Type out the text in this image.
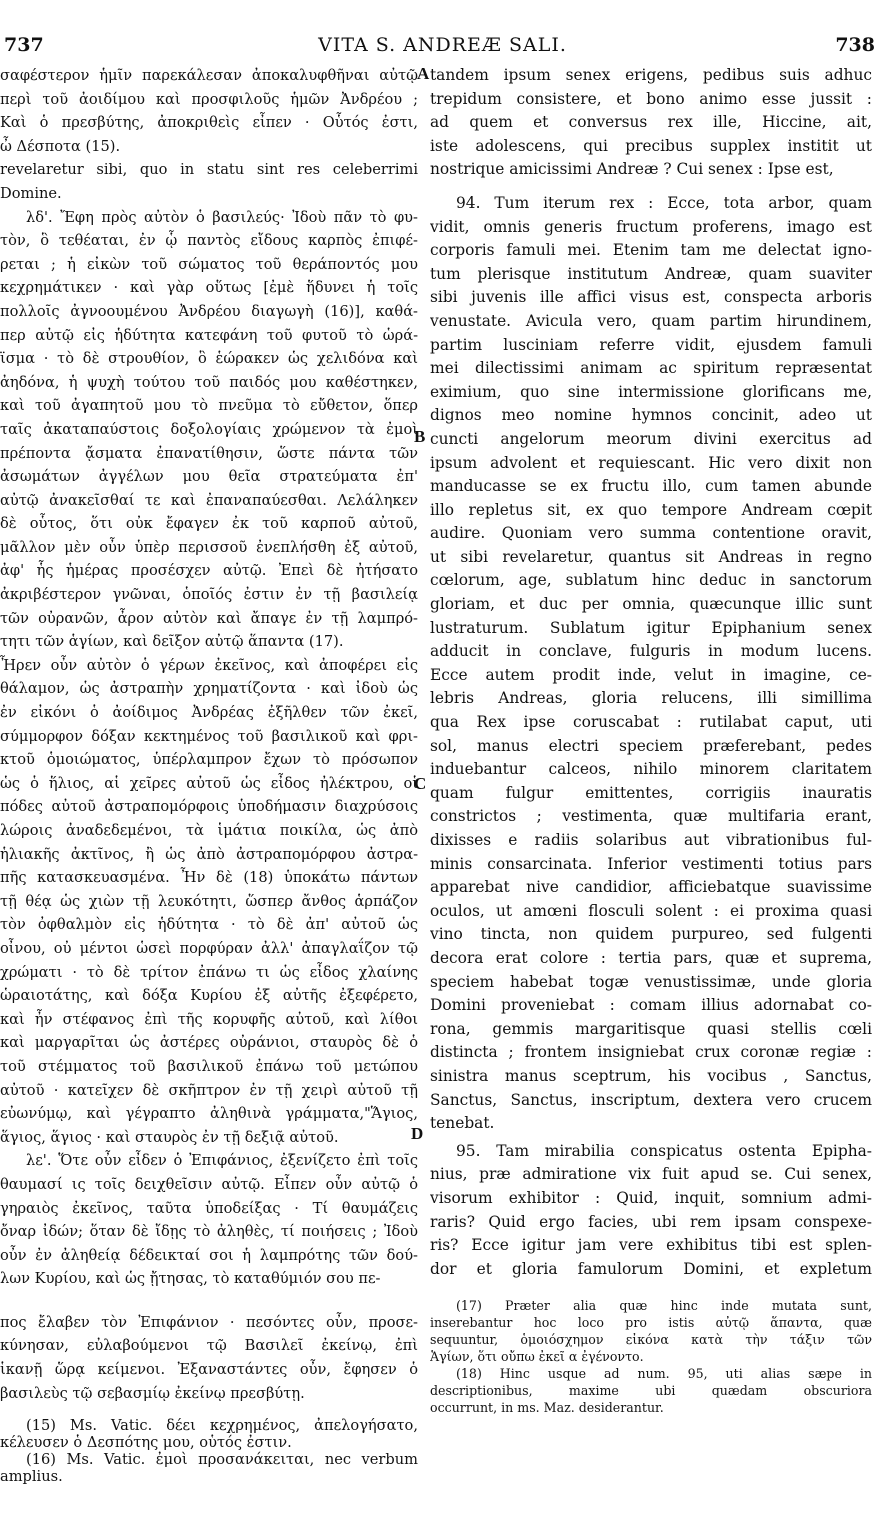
737	VITA S. ANDREÆ SALI.	738
A
B
C
D
σαφέστερον ἡμῖν παρεκάλεσαν ἀποκαλυφθῆναι αὐτῷ
περὶ τοῦ ἀοιδίμου καὶ προσφιλοῦς ἡμῶν Ἀνδρέου ;
Καὶ ὁ πρεσβύτης, ἀποκριθεὶς εἶπεν · Οὗτός ἐστι,
ὦ Δέσποτα (15).
revelaretur sibi, quo in statu sint res celeberrimi
Domine.
λδ'. Ἔφη πρὸς αὐτὸν ὁ βασιλεύς· Ἰδοὺ πᾶν τὸ φυ-
τὸν, ὃ τεθέαται, ἐν ᾧ παντὸς εἴδους καρπὸς ἐπιφέ-
ρεται ; ἡ εἰκὼν τοῦ σώματος τοῦ θεράποντός μου
κεχρημάτικεν · καὶ γὰρ οὕτως [ἐμὲ ἥδυνει ἡ τοῖς
πολλοῖς ἀγνοουμένου Ἀνδρέου διαγωγὴ (16)], καθά-
περ αὐτῷ εἰς ἡδύτητα κατεφάνη τοῦ φυτοῦ τὸ ὡρά-
ϊσμα · τὸ δὲ στρουθίον, ὃ ἑώρακεν ὡς χελιδόνα καὶ
ἀηδόνα, ἡ ψυχὴ τούτου τοῦ παιδός μου καθέστηκεν,
καὶ τοῦ ἀγαπητοῦ μου τὸ πνεῦμα τὸ εὔθετον, ὅπερ
ταῖς ἀκαταπαύστοις δοξολογίαις χρώμενον τὰ ἐμοὶ
πρέποντα ᾄσματα ἐπανατίθησιν, ὥστε πάντα τῶν
ἀσωμάτων ἀγγέλων μου θεῖα στρατεύματα ἐπ'
αὐτῷ ἀνακεῖσθαί τε καὶ ἐπαναπαύεσθαι. Λελάληκεν
δὲ οὗτος, ὅτι οὐκ ἔφαγεν ἐκ τοῦ καρποῦ αὐτοῦ,
μᾶλλον μὲν οὖν ὑπὲρ περισσοῦ ἐνεπλήσθη ἐξ αὐτοῦ,
ἀφ' ἧς ἡμέρας προσέσχεν αὐτῷ. Ἐπεὶ δὲ ἠτήσατο
ἀκριβέστερον γνῶναι, ὁποῖός ἐστιν ἐν τῇ βασιλείᾳ
τῶν οὐρανῶν, ἆρον αὐτὸν καὶ ἄπαγε ἐν τῇ λαμπρό-
τητι τῶν ἁγίων, καὶ δεῖξον αὐτῷ ἅπαντα (17).
Ἦρεν οὖν αὐτὸν ὁ γέρων ἐκεῖνος, καὶ ἀποφέρει εἰς
θάλαμον, ὡς ἀστραπὴν χρηματίζοντα · καὶ ἰδοὺ ὡς
ἐν εἰκόνι ὁ ἀοίδιμος Ἀνδρέας ἐξῆλθεν τῶν ἐκεῖ,
σύμμορφον δόξαν κεκτημένος τοῦ βασιλικοῦ καὶ φρι-
κτοῦ ὁμοιώματος, ὑπέρλαμπρον ἔχων τὸ πρόσωπον
ὡς ὁ ἥλιος, αἱ χεῖρες αὐτοῦ ὡς εἶδος ἠλέκτρου, οἱ
πόδες αὐτοῦ ἀστραπομόρφοις ὑποδήμασιν διαχρύσοις
λώροις ἀναδεδεμένοι, τὰ ἱμάτια ποικίλα, ὡς ἀπὸ
ἡλιακῆς ἀκτῖνος, ἢ ὡς ἀπὸ ἀστραπομόρφου ἀστρα-
πῆς κατασκευασμένα. Ἦν δὲ (18) ὑποκάτω πάντων
τῇ θέᾳ ὡς χιὼν τῇ λευκότητι, ὥσπερ ἄνθος ἁρπάζον
τὸν ὀφθαλμὸν εἰς ἡδύτητα · τὸ δὲ ἀπ' αὐτοῦ ὡς
οἶνου, οὐ μέντοι ὡσεὶ πορφύραν ἀλλ' ἀπαγλαΐζον τῷ
χρώματι · τὸ δὲ τρίτον ἐπάνω τι ὡς εἶδος χλαίνης
ὡραιοτάτης, καὶ δόξα Κυρίου ἐξ αὐτῆς ἐξεφέρετο,
καὶ ἦν στέφανος ἐπὶ τῆς κορυφῆς αὐτοῦ, καὶ λίθοι
καὶ μαργαρῖται ὡς ἀστέρες οὐράνιοι, σταυρὸς δὲ ὁ
τοῦ στέμματος τοῦ βασιλικοῦ ἐπάνω τοῦ μετώπου
αὐτοῦ · κατεῖχεν δὲ σκῆπτρον ἐν τῇ χειρὶ αὐτοῦ τῇ
εὐωνύμῳ, καὶ γέγραπτο ἀληθινὰ γράμματα,"Ἅγιος,
ἅγιος, ἅγιος · καὶ σταυρὸς ἐν τῇ δεξιᾷ αὐτοῦ.
λε'. Ὅτε οὖν εἶδεν ὁ Ἐπιφάνιος, ἐξενίζετο ἐπὶ τοῖς
θαυμασί ις τοῖς δειχθεῖσιν αὐτῷ. Εἶπεν οὖν αὐτῷ ὁ
γηραιὸς ἐκεῖνος, ταῦτα ὑποδείξας · Τί θαυμάζεις
ὄναρ ἰδών; ὅταν δὲ ἴδῃς τὸ ἀληθὲς, τί ποιήσεις ; Ἰδοὺ
οὖν ἐν ἀληθείᾳ δέδεικταί σοι ἡ λαμπρότης τῶν δού-
λων Κυρίου, καὶ ὡς ᾔτησας, τὸ καταθύμιόν σου πε-
πος ἔλαβεν τὸν Ἐπιφάνιον · πεσόντες οὖν, προσε-
κύνησαν, εὐλαβούμενοι τῷ Βασιλεῖ ἐκείνῳ, ἐπὶ
ἱκανῇ ὥρᾳ κείμενοι. Ἐξαναστάντες οὖν, ἔφησεν ὁ
βασιλεὺς τῷ σεβασμίῳ ἐκείνῳ πρεσβύτῃ.
(15) Ms. Vatic. δέει κεχρημένος, ἀπελογήσατο,
κέλευσεν ὁ Δεσπότης μου, οὗτός ἐστιν.
(16) Ms. Vatic. ἐμοὶ προσανάκειται, nec verbum
amplius.
tandem ipsum senex erigens, pedibus suis adhuc
trepidum consistere, et bono animo esse jussit :
ad quem et conversus rex ille, Hiccine, ait,
iste adolescens, qui precibus supplex institit ut
nostrique amicissimi Andreæ ? Cui senex : Ipse est,
94. Tum iterum rex : Ecce, tota arbor, quam
vidit, omnis generis fructum proferens, imago est
corporis famuli mei. Etenim tam me delectat igno-
tum plerisque institutum Andreæ, quam suaviter
sibi juvenis ille affici visus est, conspecta arboris
venustate. Avicula vero, quam partim hirundinem,
partim lusciniam referre vidit, ejusdem famuli
mei dilectissimi animam ac spiritum repræsentat
eximium, quo sine intermissione glorificans me,
dignos meo nomine hymnos concinit, adeo ut
cuncti angelorum meorum divini exercitus ad
ipsum advolent et requiescant. Hic vero dixit non
manducasse se ex fructu illo, cum tamen abunde
illo repletus sit, ex quo tempore Andream cœpit
audire. Quoniam vero summa contentione oravit,
ut sibi revelaretur, quantus sit Andreas in regno
cœlorum, age, sublatum hinc deduc in sanctorum
gloriam, et duc per omnia, quæcunque illic sunt
lustraturum. Sublatum igitur Epiphanium senex
adducit in conclave, fulguris in modum lucens.
Ecce autem prodit inde, velut in imagine, ce-
lebris Andreas, gloria relucens, illi simillima
qua Rex ipse coruscabat : rutilabat caput, uti
sol, manus electri speciem præferebant, pedes
induebantur calceos, nihilo minorem claritatem
quam fulgur emittentes, corrigiis inauratis
constrictos ; vestimenta, quæ multifaria erant,
dixisses e radiis solaribus aut vibrationibus ful-
minis consarcinata. Inferior vestimenti totius pars
apparebat nive candidior, afficiebatque suavissime
oculos, ut amœni flosculi solent : ei proxima quasi
vino tincta, non quidem purpureo, sed fulgenti
decora erat colore : tertia pars, quæ et suprema,
speciem habebat togæ venustissimæ, unde gloria
Domini proveniebat : comam illius adornabat co-
rona, gemmis margaritisque quasi stellis cœli
distincta ; frontem insigniebat crux coronæ regiæ :
sinistra manus sceptrum, his vocibus , Sanctus,
Sanctus, Sanctus, inscriptum, dextera vero crucem
tenebat.
95. Tam mirabilia conspicatus ostenta Epipha-
nius, præ admiratione vix fuit apud se. Cui senex,
visorum exhibitor : Quid, inquit, somnium admi-
raris? Quid ergo facies, ubi rem ipsam conspexe-
ris? Ecce igitur jam vere exhibitus tibi est splen-
dor et gloria famulorum Domini, et expletum
(17) Præter alia quæ hinc inde mutata sunt,
inserebantur hoc loco pro istis αὐτῷ ἅπαντα, quæ
sequuntur, ὁμοιόσχημον εἰκόνα κατὰ τὴν τάξιν τῶν
Ἁγίων, ὅτι οὔπω ἐκεῖ α ἐγένοντο.
(18) Hinc usque ad num. 95, uti alias sæpe in
descriptionibus, maxime ubi quædam obscuriora
occurrunt, in ms. Maz. desiderantur.
